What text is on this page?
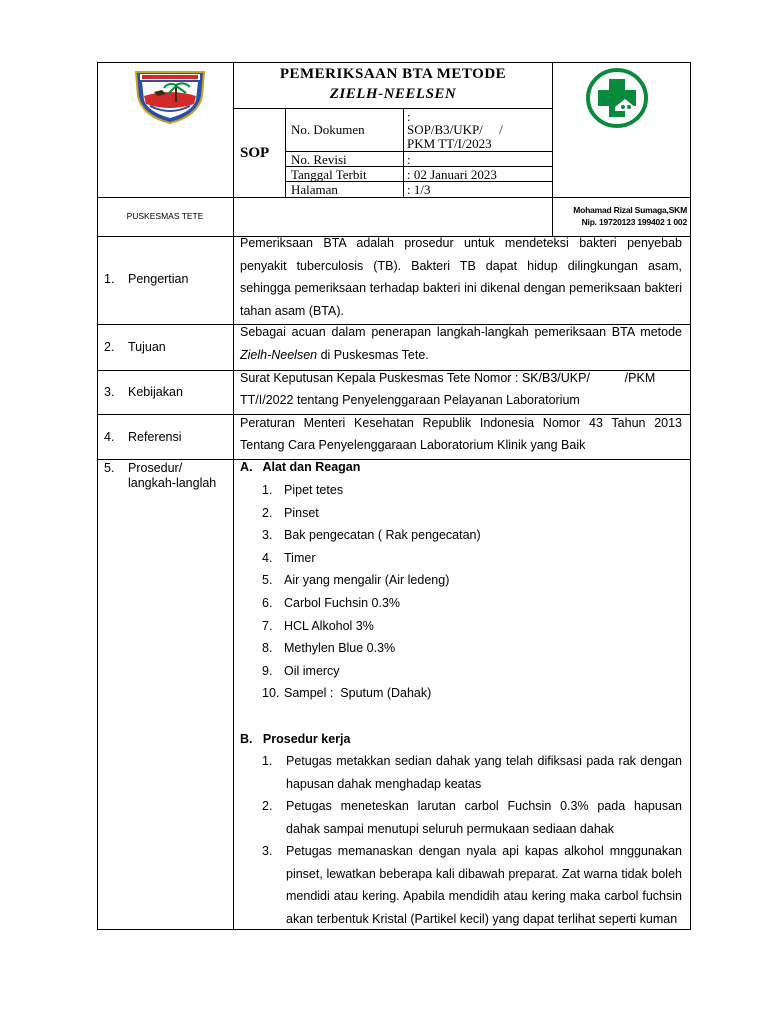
PEMERIKSAAN BTA METODE
ZIELH-NEELSEN
SOP
No. Dokumen
:
SOP/B3/UKP/     /
PKM TT/I/2023
No. Revisi	:
Tanggal Terbit	: 02 Januari 2023
Halaman	: 1/3
PUSKESMAS TETE
Mohamad Rizal Sumaga,SKM
Nip. 19720123 199402 1 002
1. Pengertian
Pemeriksaan BTA adalah prosedur untuk mendeteksi bakteri penyebab penyakit tuberculosis (TB). Bakteri TB dapat hidup dilingkungan asam, sehingga pemeriksaan terhadap bakteri ini dikenal dengan pemeriksaan bakteri tahan asam (BTA).
2. Tujuan
Sebagai acuan dalam penerapan langkah-langkah pemeriksaan BTA metode Zielh-Neelsen di Puskesmas Tete.
3. Kebijakan
Surat Keputusan Kepala Puskesmas Tete Nomor : SK/B3/UKP/          /PKM
TT/I/2022 tentang Penyelenggaraan Pelayanan Laboratorium
4. Referensi
Peraturan Menteri Kesehatan Republik Indonesia Nomor 43 Tahun 2013
Tentang Cara Penyelenggaraan Laboratorium Klinik yang Baik
5. Prosedur/
langkah-langlah
A.   Alat dan Reagan
1. Pipet tetes
2. Pinset
3. Bak pengecatan ( Rak pengecatan)
4. Timer
5. Air yang mengalir (Air ledeng)
6. Carbol Fuchsin 0.3%
7. HCL Alkohol 3%
8. Methylen Blue 0.3%
9. Oil imercy
10. Sampel :  Sputum (Dahak)
B.   Prosedur kerja
1.	Petugas metakkan sedian dahak yang telah difiksasi pada rak dengan hapusan dahak menghadap keatas
2.	Petugas meneteskan larutan carbol Fuchsin 0.3% pada hapusan dahak sampai menutupi seluruh permukaan sediaan dahak
3.	Petugas memanaskan dengan nyala api kapas alkohol mnggunakan pinset, lewatkan beberapa kali dibawah preparat. Zat warna tidak boleh mendidi atau kering. Apabila mendidih atau kering maka carbol fuchsin akan terbentuk Kristal (Partikel kecil) yang dapat terlihat seperti kuman
